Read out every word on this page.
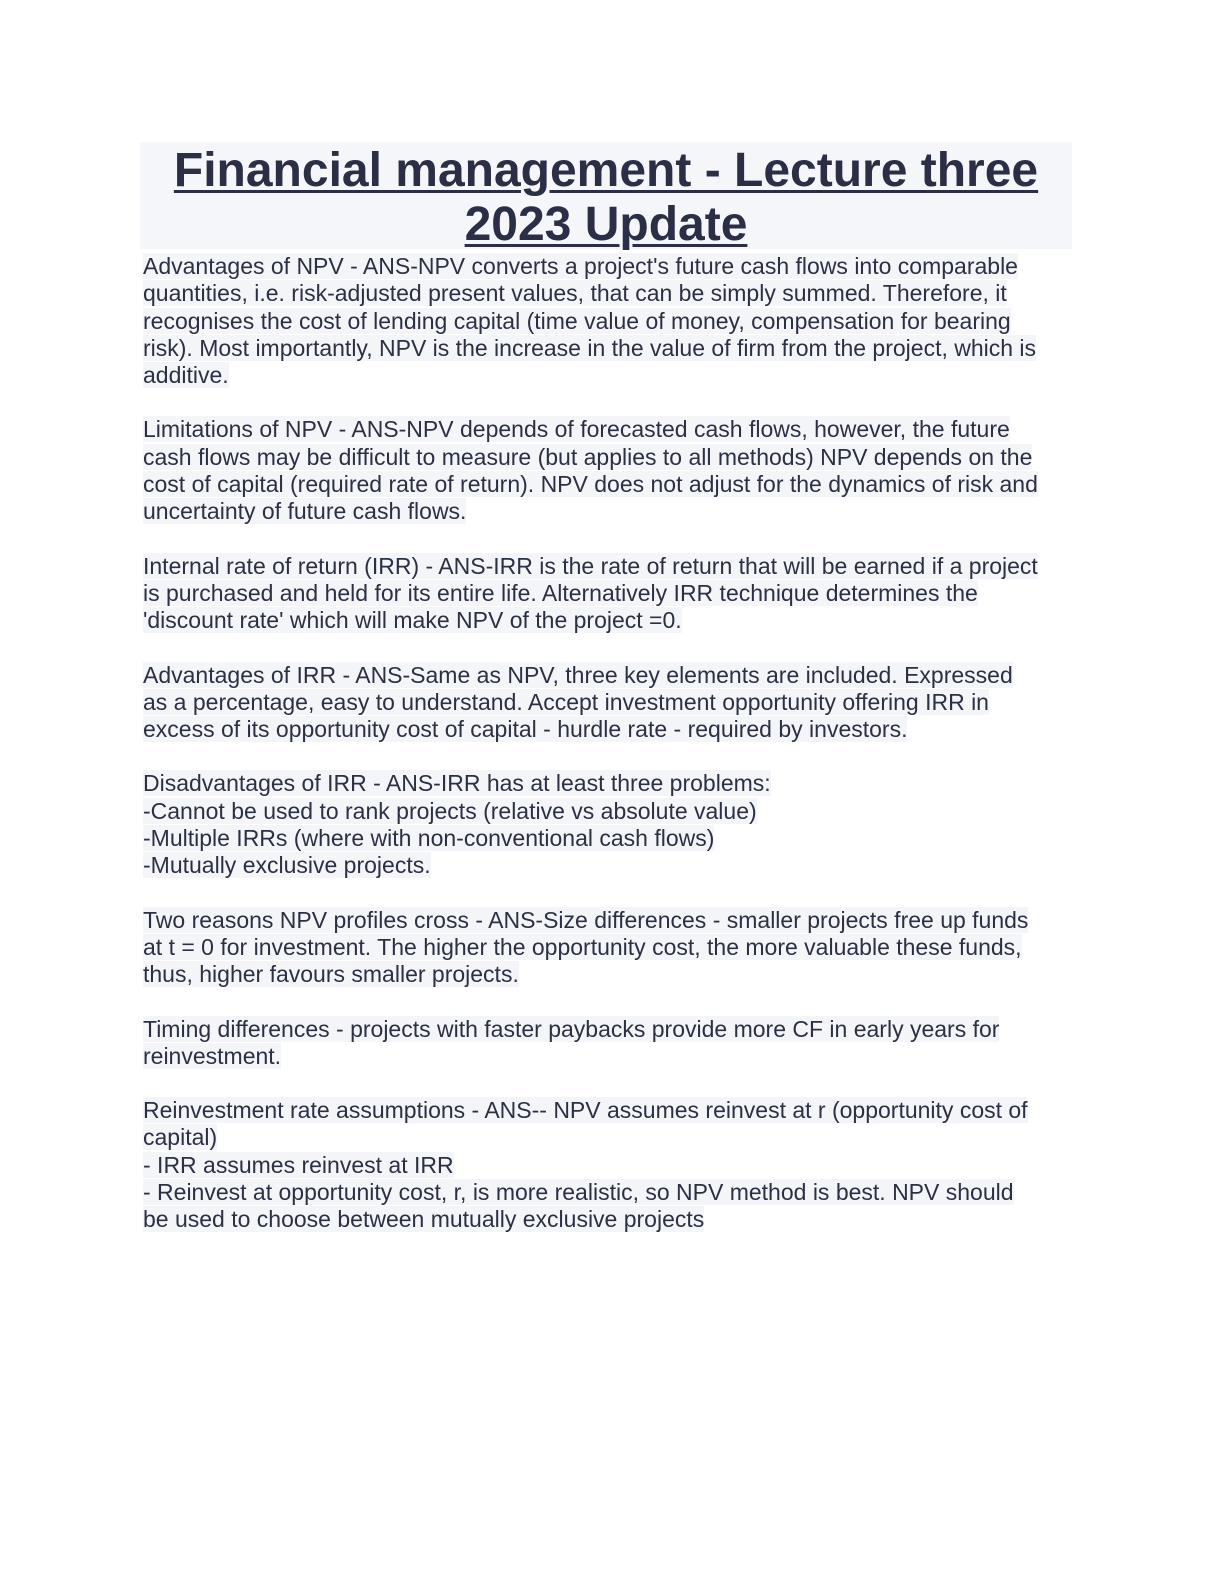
Financial management - Lecture three
2023 Update
Advantages of NPV - ANS-NPV converts a project's future cash flows into comparable
quantities, i.e. risk-adjusted present values, that can be simply summed. Therefore, it
recognises the cost of lending capital (time value of money, compensation for bearing
risk). Most importantly, NPV is the increase in the value of firm from the project, which is
additive.
Limitations of NPV - ANS-NPV depends of forecasted cash flows, however, the future
cash flows may be difficult to measure (but applies to all methods) NPV depends on the
cost of capital (required rate of return). NPV does not adjust for the dynamics of risk and
uncertainty of future cash flows.
Internal rate of return (IRR) - ANS-IRR is the rate of return that will be earned if a project
is purchased and held for its entire life. Alternatively IRR technique determines the
'discount rate' which will make NPV of the project =0.
Advantages of IRR - ANS-Same as NPV, three key elements are included. Expressed
as a percentage, easy to understand. Accept investment opportunity offering IRR in
excess of its opportunity cost of capital - hurdle rate - required by investors.
Disadvantages of IRR - ANS-IRR has at least three problems:
-Cannot be used to rank projects (relative vs absolute value)
-Multiple IRRs (where with non-conventional cash flows)
-Mutually exclusive projects.
Two reasons NPV profiles cross - ANS-Size differences - smaller projects free up funds
at t = 0 for investment. The higher the opportunity cost, the more valuable these funds,
thus, higher favours smaller projects.
Timing differences - projects with faster paybacks provide more CF in early years for
reinvestment.
Reinvestment rate assumptions - ANS-- NPV assumes reinvest at r (opportunity cost of
capital)
- IRR assumes reinvest at IRR
- Reinvest at opportunity cost, r, is more realistic, so NPV method is best. NPV should
be used to choose between mutually exclusive projects
